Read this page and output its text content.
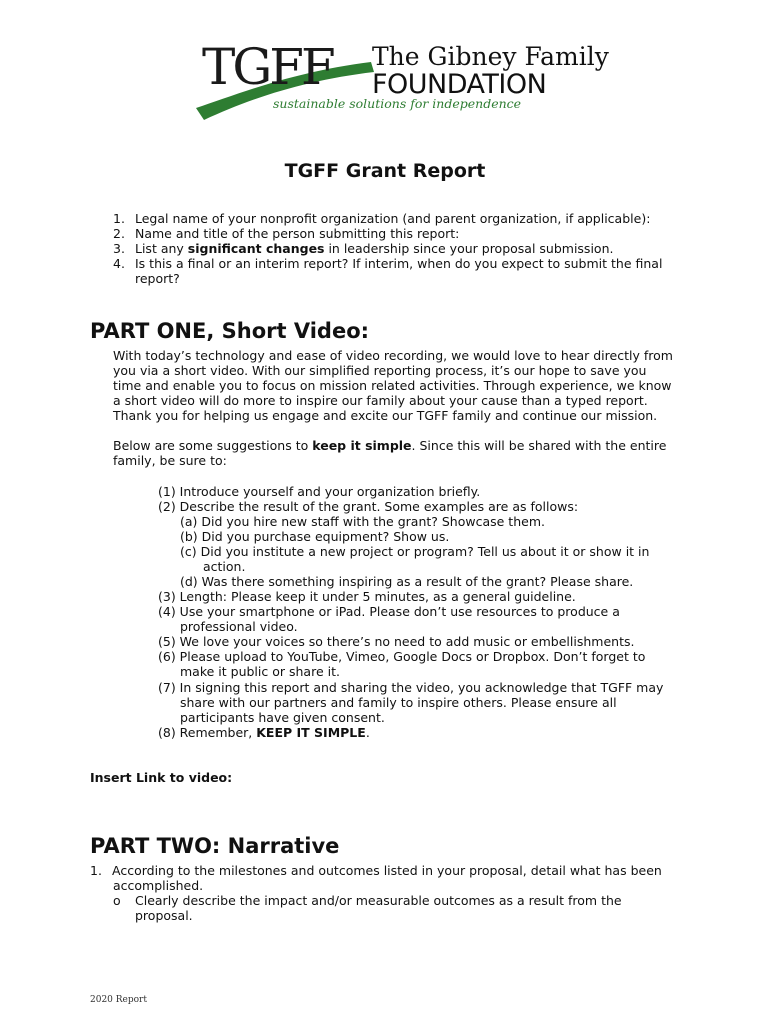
TGFF The Gibney Family
FOUNDATION
sustainable solutions for independence
TGFF Grant Report
1. Legal name of your nonprofit organization (and parent organization, if applicable):
2. Name and title of the person submitting this report:
3. List any significant changes in leadership since your proposal submission.
4. Is this a final or an interim report? If interim, when do you expect to submit the final
report?
PART ONE, Short Video:
With today’s technology and ease of video recording, we would love to hear directly from
you via a short video. With our simplified reporting process, it’s our hope to save you
time and enable you to focus on mission related activities. Through experience, we know
a short video will do more to inspire our family about your cause than a typed report.
Thank you for helping us engage and excite our TGFF family and continue our mission.
Below are some suggestions to keep it simple. Since this will be shared with the entire
family, be sure to:
(1) Introduce yourself and your organization briefly.
(2) Describe the result of the grant. Some examples are as follows:
(a) Did you hire new staff with the grant? Showcase them.
(b) Did you purchase equipment? Show us.
(c) Did you institute a new project or program? Tell us about it or show it in
action.
(d) Was there something inspiring as a result of the grant? Please share.
(3) Length: Please keep it under 5 minutes, as a general guideline.
(4) Use your smartphone or iPad. Please don’t use resources to produce a
professional video.
(5) We love your voices so there’s no need to add music or embellishments.
(6) Please upload to YouTube, Vimeo, Google Docs or Dropbox. Don’t forget to
make it public or share it.
(7) In signing this report and sharing the video, you acknowledge that TGFF may
share with our partners and family to inspire others. Please ensure all
participants have given consent.
(8) Remember, KEEP IT SIMPLE.
Insert Link to video:
PART TWO: Narrative
1. According to the milestones and outcomes listed in your proposal, detail what has been
accomplished.
o Clearly describe the impact and/or measurable outcomes as a result from the
proposal.
2020 Report
